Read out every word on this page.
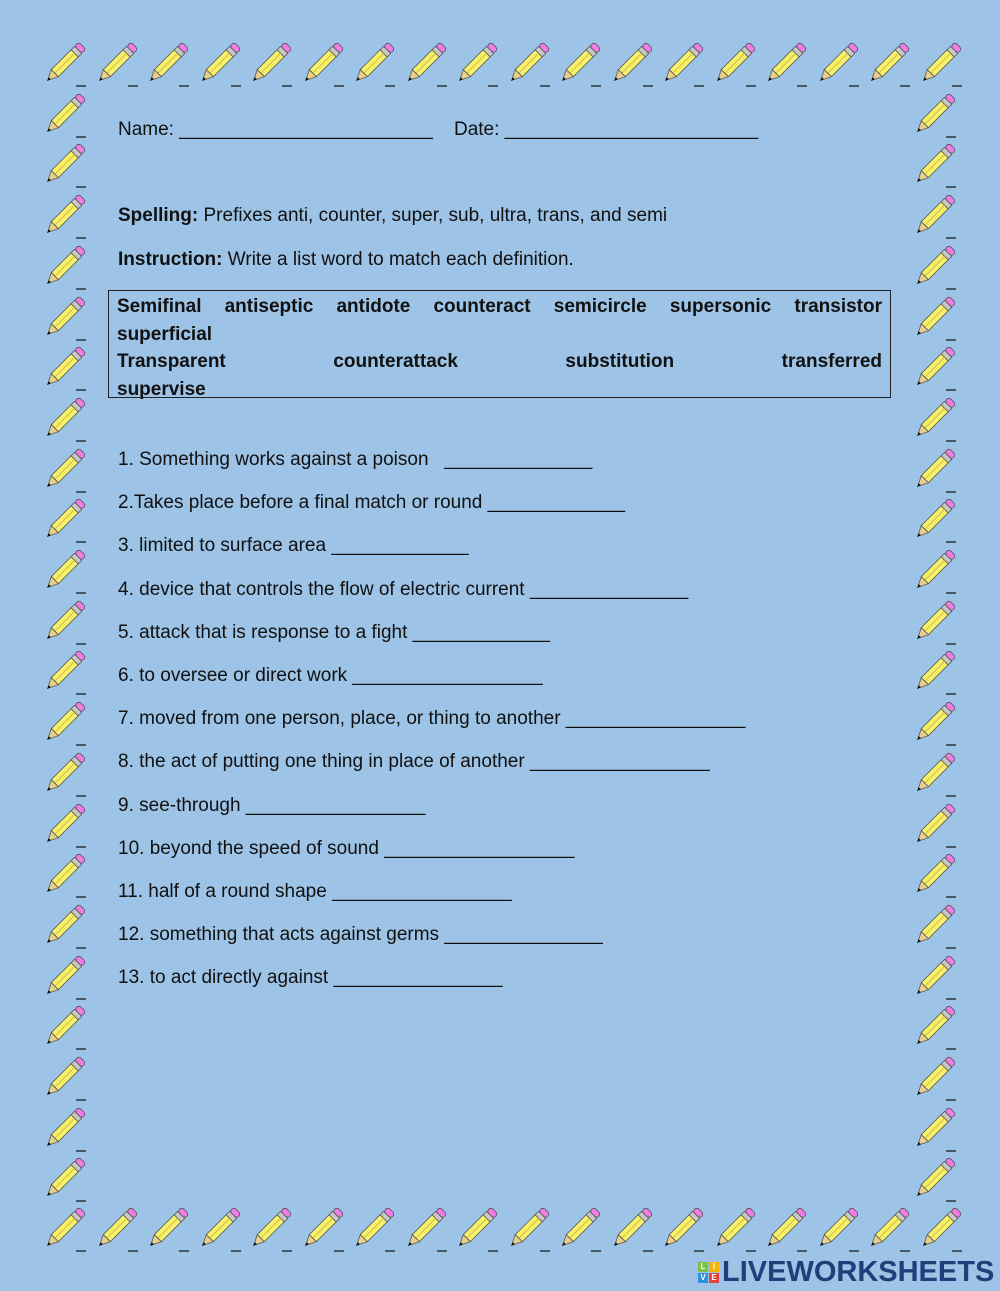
Name: ________________________ Date: ________________________
Spelling: Prefixes anti, counter, super, sub, ultra, trans, and semi
Instruction: Write a list word to match each definition.
Semifinal antiseptic antidote counteract semicircle supersonic transistor
superficial
Transparent counterattack substitution transferred
supervise
1. Something works against a poison   ______________
2.Takes place before a final match or round _____________
3. limited to surface area _____________
4. device that controls the flow of electric current _______________
5. attack that is response to a fight _____________
6. to oversee or direct work __________________
7. moved from one person, place, or thing to another _________________
8. the act of putting one thing in place of another _________________
9. see-through _________________
10. beyond the speed of sound __________________
11. half of a round shape _________________
12. something that acts against germs _______________
13. to act directly against ________________
L I
V E LIVEWORKSHEETS
